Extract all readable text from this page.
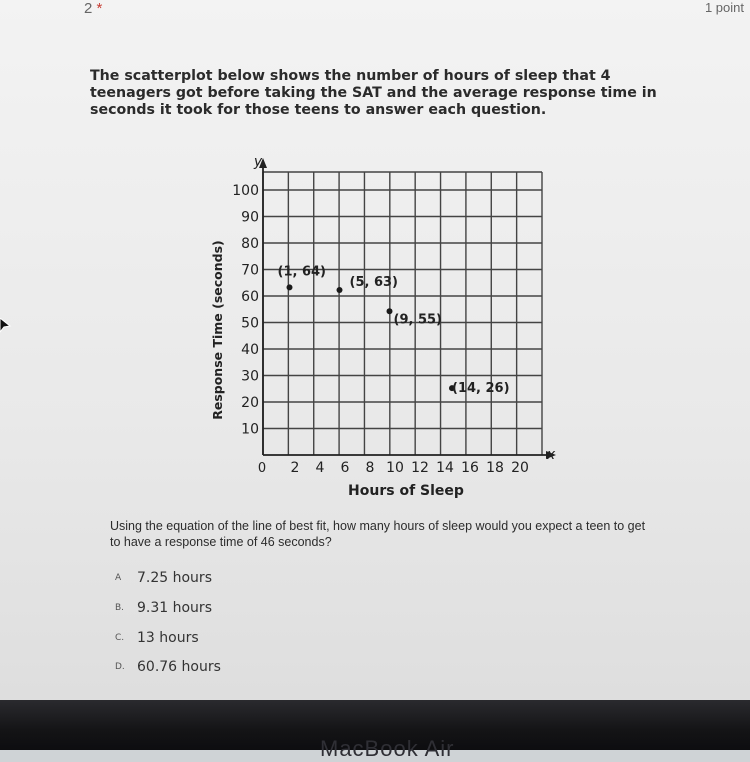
2 *	1 point
The scatterplot below shows the number of hours of sleep that 4 teenagers got before taking the SAT and the average response time in seconds it took for those teens to answer each question.
10
20
30
40
50
60
70
80
90
100
2 4 6 8 10 12 14 16 18 20
(1, 64)
(5, 63)
(9, 55)
(14, 26)
Hours of Sleep
Response Time (seconds)
y
x
0
Using the equation of the line of best fit, how many hours of sleep would you expect a teen to get to have a response time of 46 seconds?
A 7.25 hours
B. 9.31 hours
C. 13 hours
D. 60.76 hours
MacBook Air
